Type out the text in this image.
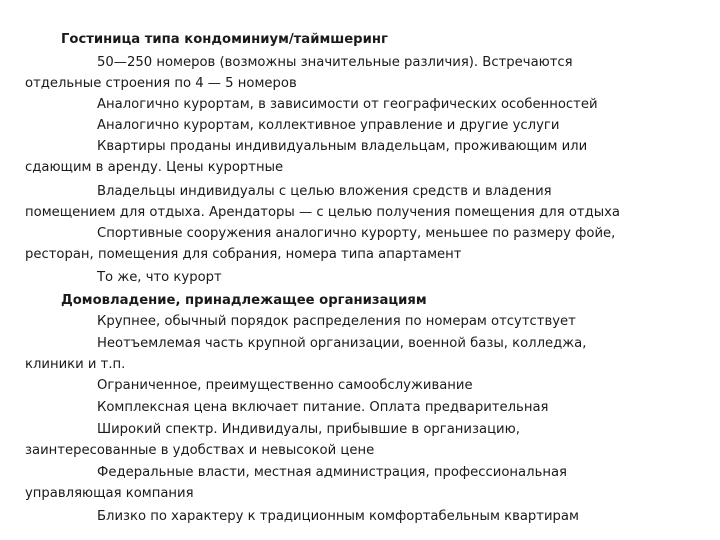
Гостиница типа кондоминиум/таймшеринг
50—250 номеров (возможны значительные различия). Встречаются
отдельные строения по 4 — 5 номеров
Аналогично курортам, в зависимости от географических особенностей
Аналогично курортам, коллективное управление и другие услуги
Квартиры проданы индивидуальным владельцам, проживающим или
сдающим в аренду. Цены курортные
Владельцы индивидуалы с целью вложения средств и владения
помещением для отдыха. Арендаторы — с целью получения помещения для отдыха
Спортивные сооружения аналогично курорту, меньшее по размеру фойе,
ресторан, помещения для собрания, номера типа апартамент
То же, что курорт
Домовладение, принадлежащее организациям
Крупнее, обычный порядок распределения по номерам отсутствует
Неотъемлемая часть крупной организации, военной базы, колледжа,
клиники и т.п.
Ограниченное, преимущественно самообслуживание
Комплексная цена включает питание. Оплата предварительная
Широкий спектр. Индивидуалы, прибывшие в организацию,
заинтересованные в удобствах и невысокой цене
Федеральные власти, местная администрация, профессиональная
управляющая компания
Близко по характеру к традиционным комфортабельным квартирам
